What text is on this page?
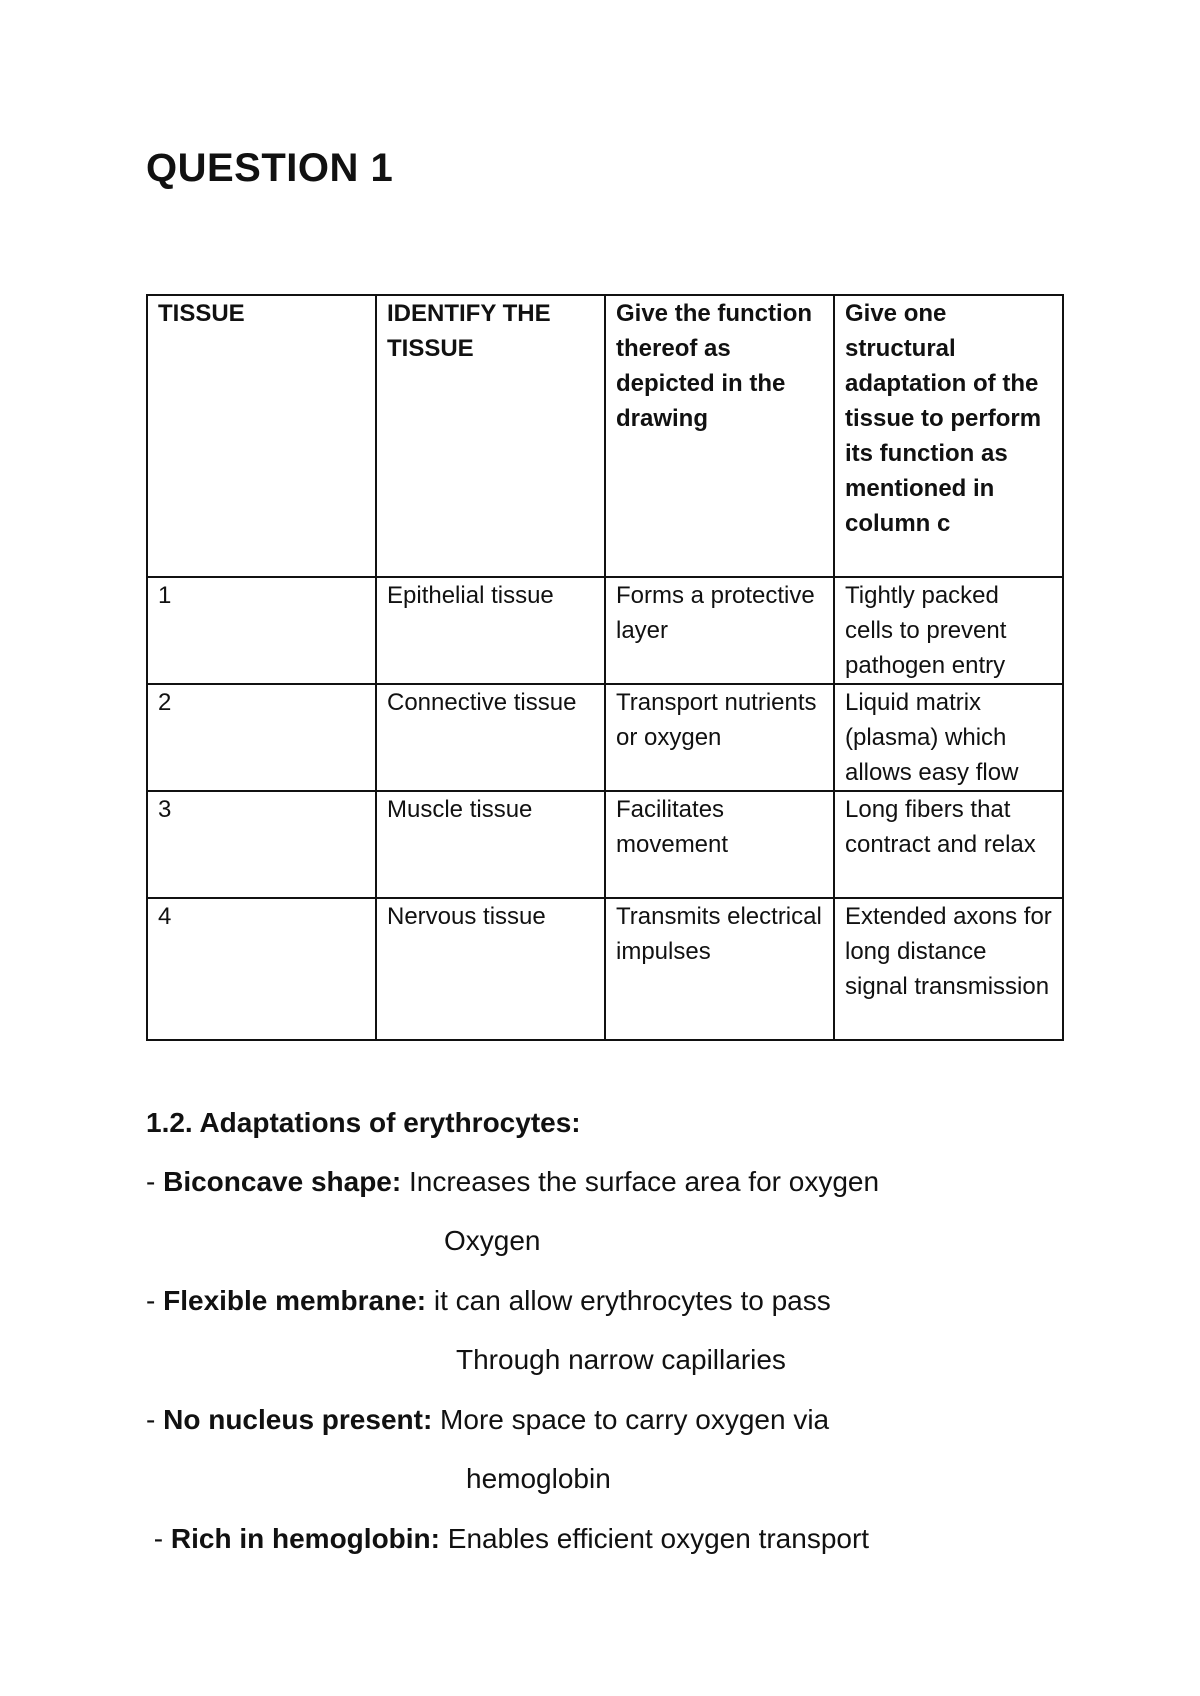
QUESTION 1
TISSUE	IDENTIFY THE TISSUE	Give the function thereof as depicted in the drawing	Give one structural adaptation of the tissue to perform its function as mentioned in column c
1	Epithelial tissue	Forms a protective layer	Tightly packed cells to prevent pathogen entry
2	Connective tissue	Transport nutrients or oxygen	Liquid matrix (plasma) which allows easy flow
3	Muscle tissue	Facilitates movement	Long fibers that contract and relax
4	Nervous tissue	Transmits electrical impulses	Extended axons for long distance signal transmission
1.2. Adaptations of erythrocytes:
- Biconcave shape: Increases the surface area for oxygen
Oxygen
- Flexible membrane: it can allow erythrocytes to pass
Through narrow capillaries
- No nucleus present: More space to carry oxygen via
hemoglobin
- Rich in hemoglobin: Enables efficient oxygen transport
